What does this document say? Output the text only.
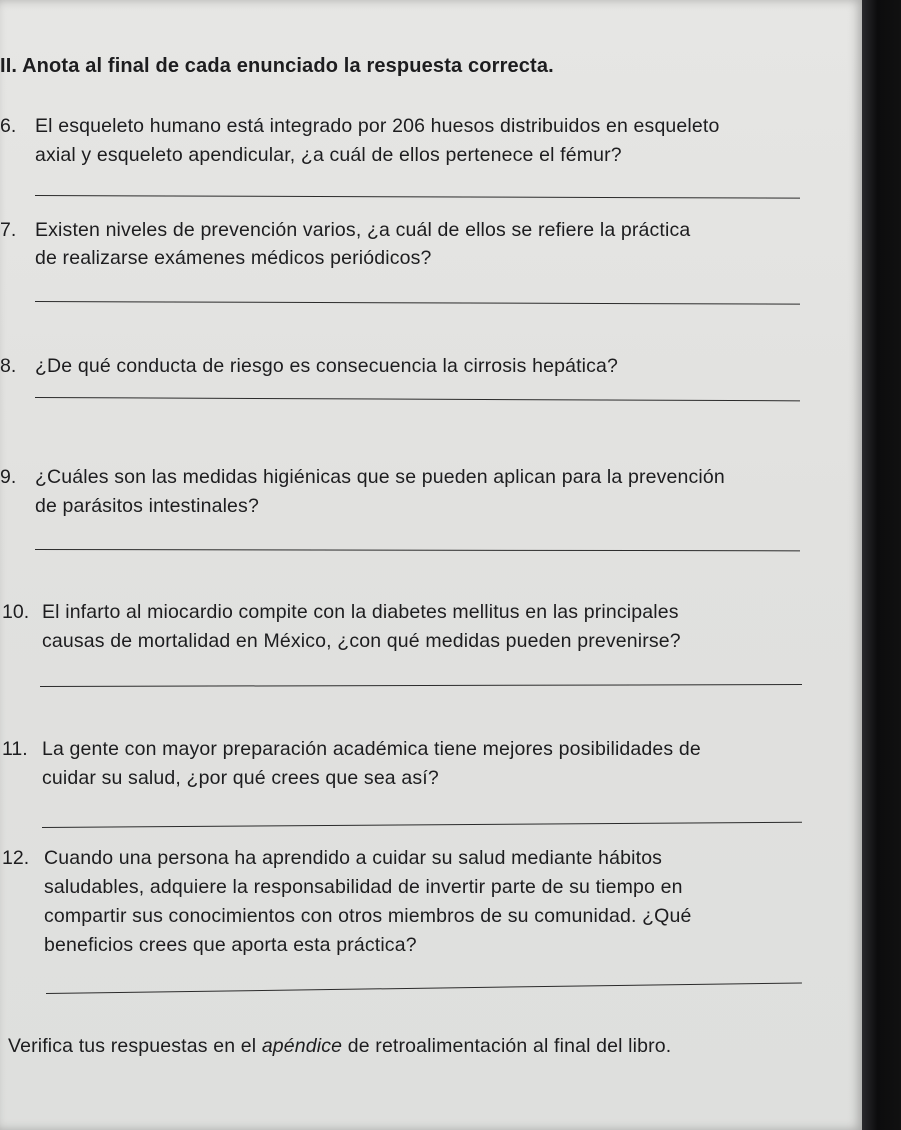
II. Anota al final de cada enunciado la respuesta correcta.
6. El esqueleto humano está integrado por 206 huesos distribuidos en esqueleto
axial y esqueleto apendicular, ¿a cuál de ellos pertenece el fémur?
7. Existen niveles de prevención varios, ¿a cuál de ellos se refiere la práctica
de realizarse exámenes médicos periódicos?
8. ¿De qué conducta de riesgo es consecuencia la cirrosis hepática?
9. ¿Cuáles son las medidas higiénicas que se pueden aplican para la prevención
de parásitos intestinales?
10. El infarto al miocardio compite con la diabetes mellitus en las principales
causas de mortalidad en México, ¿con qué medidas pueden prevenirse?
11. La gente con mayor preparación académica tiene mejores posibilidades de
cuidar su salud, ¿por qué crees que sea así?
12. Cuando una persona ha aprendido a cuidar su salud mediante hábitos
saludables, adquiere la responsabilidad de invertir parte de su tiempo en
compartir sus conocimientos con otros miembros de su comunidad. ¿Qué
beneficios crees que aporta esta práctica?
Verifica tus respuestas en el apéndice de retroalimentación al final del libro.
